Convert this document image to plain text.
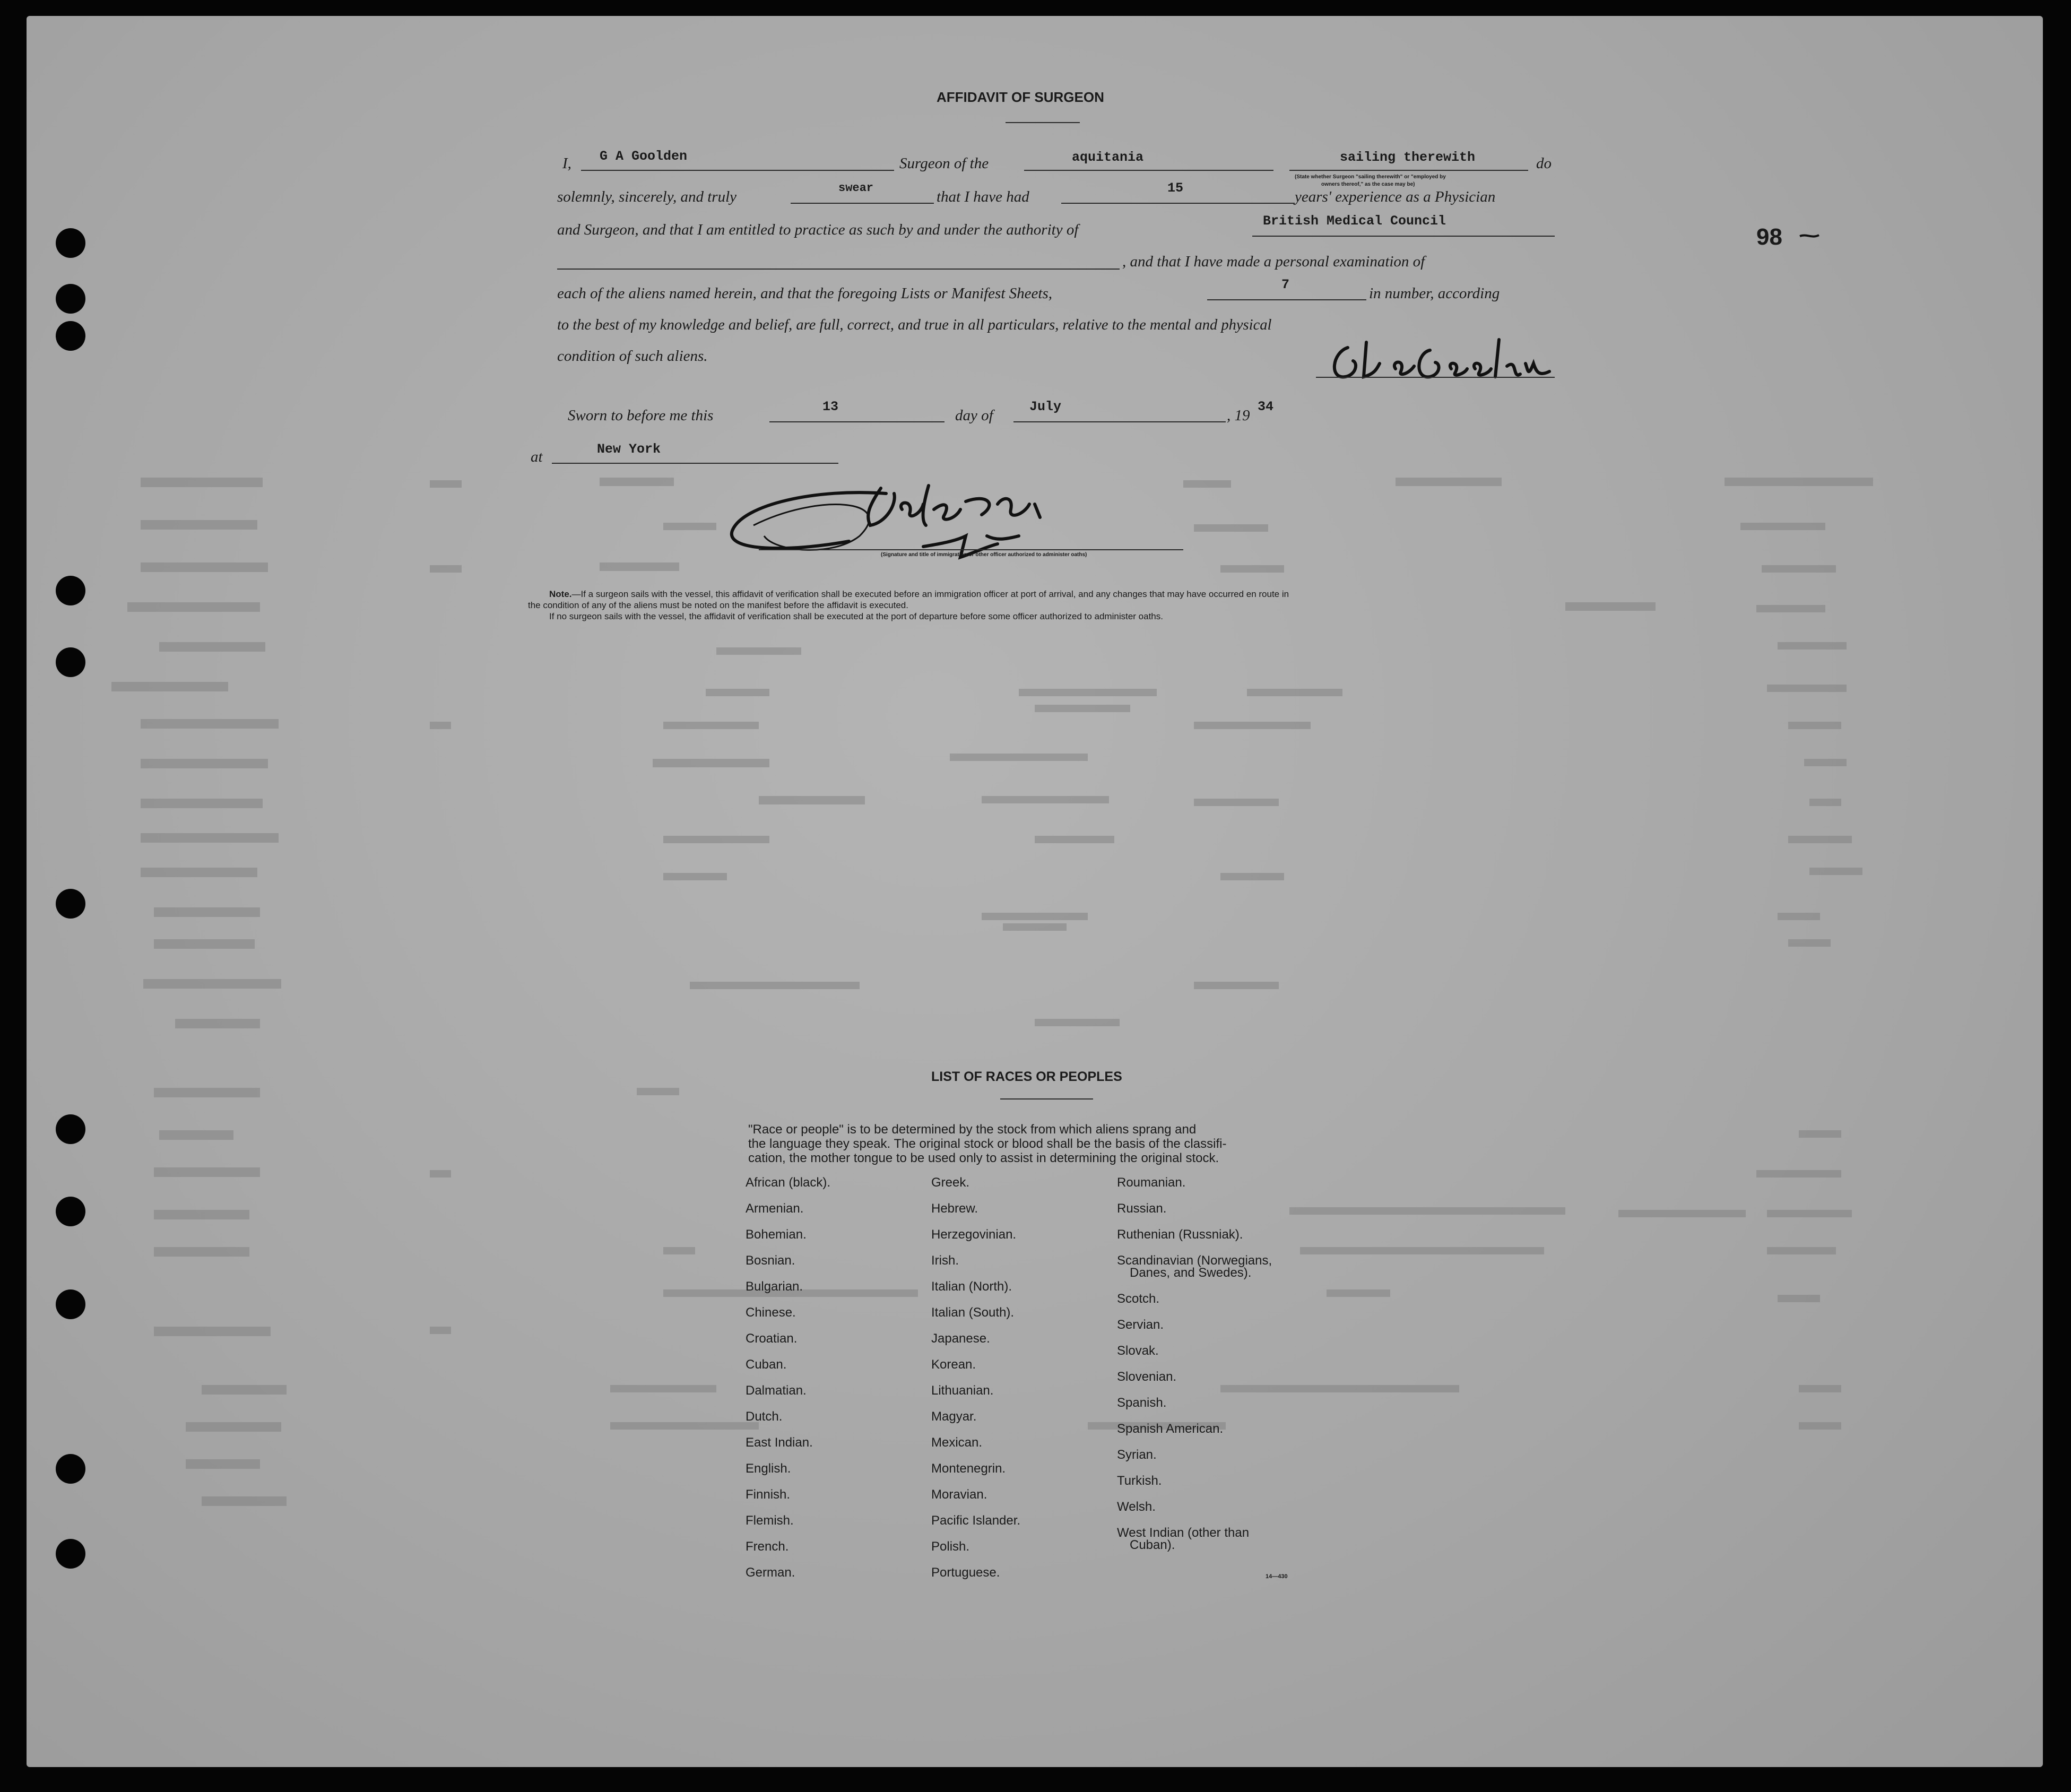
AFFIDAVIT OF SURGEON
I, G A Goolden	Surgeon of the	aquitania	sailing therewith	do
(State whether Surgeon "sailing therewith" or "employed by
owners thereof," as the case may be)
solemnly, sincerely, and truly
swear
that I have had
15
years' experience as a Physician
and Surgeon, and that I am entitled to practice as such by and under the authority of
British Medical Council
, and that I have made a personal examination of
each of the aliens named herein, and that the foregoing Lists or Manifest Sheets,
7
in number, according
to the best of my knowledge and belief, are full, correct, and true in all particulars, relative to the mental and physical
condition of such aliens.
Sworn to before me this
13
day of
July
, 19
34
at	New York
(Signature and title of immigration or other officer authorized to administer oaths)
Note.—If a surgeon sails with the vessel, this affidavit of verification shall be executed before an immigration officer at port of arrival, and any changes that may have occurred en route in
the condition of any of the aliens must be noted on the manifest before the affidavit is executed.
If no surgeon sails with the vessel, the affidavit of verification shall be executed at the port of departure before some officer authorized to administer oaths.
98
LIST OF RACES OR PEOPLES
"Race or people" is to be determined by the stock from which aliens sprang and
the language they speak. The original stock or blood shall be the basis of the classifi-
cation, the mother tongue to be used only to assist in determining the original stock.
African (black).
Armenian.
Bohemian.
Bosnian.
Bulgarian.
Chinese.
Croatian.
Cuban.
Dalmatian.
Dutch.
East Indian.
English.
Finnish.
Flemish.
French.
German.
Greek.
Hebrew.
Herzegovinian.
Irish.
Italian (North).
Italian (South).
Japanese.
Korean.
Lithuanian.
Magyar.
Mexican.
Montenegrin.
Moravian.
Pacific Islander.
Polish.
Portuguese.
Roumanian.
Russian.
Ruthenian (Russniak).
Scandinavian (Norwegians,
Danes, and Swedes).
Scotch.
Servian.
Slovak.
Slovenian.
Spanish.
Spanish American.
Syrian.
Turkish.
Welsh.
West Indian (other than
Cuban).
14—430
